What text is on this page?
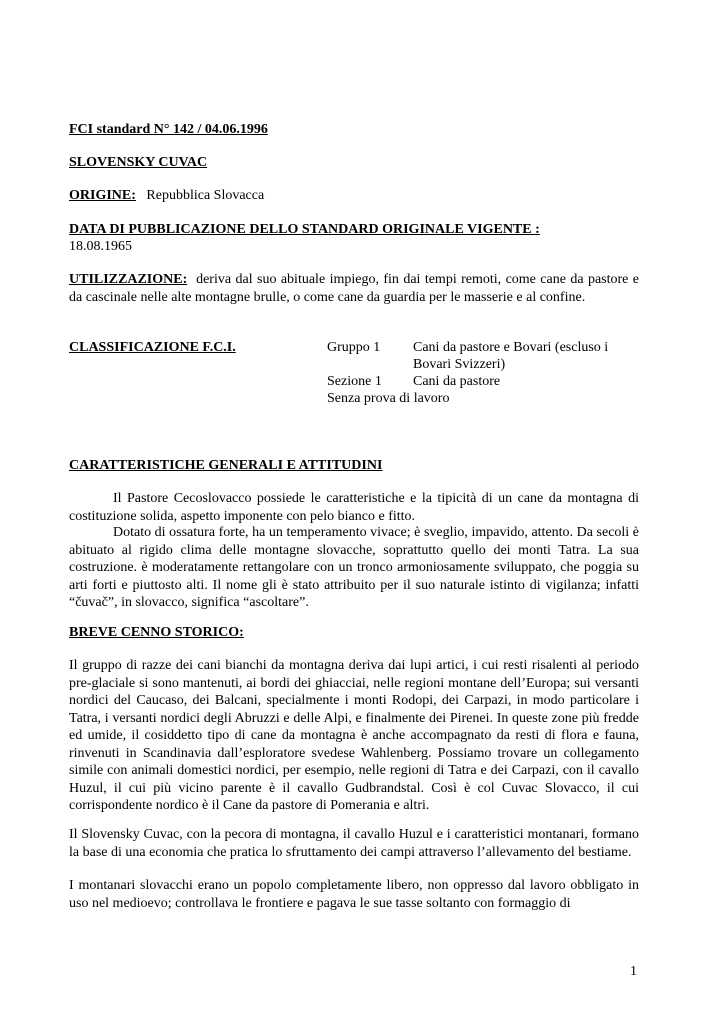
FCI standard N° 142 / 04.06.1996
SLOVENSKY CUVAC
ORIGINE: Repubblica Slovacca
DATA DI PUBBLICAZIONE DELLO STANDARD ORIGINALE VIGENTE :
18.08.1965
UTILIZZAZIONE: deriva dal suo abituale impiego, fin dai tempi remoti, come cane da pastore e da cascinale nelle alte montagne brulle, o come cane da guardia per le masserie e al confine.
CLASSIFICAZIONE F.C.I.	Gruppo 1	Cani da pastore e Bovari (escluso i Bovari Svizzeri)
Sezione 1	Cani da pastore
Senza prova di lavoro
CARATTERISTICHE GENERALI E ATTITUDINI
Il Pastore Cecoslovacco possiede le caratteristiche e la tipicità di un cane da montagna di costituzione solida, aspetto imponente con pelo bianco e fitto.
Dotato di ossatura forte, ha un temperamento vivace; è sveglio, impavido, attento. Da secoli è abituato al rigido clima delle montagne slovacche, soprattutto quello dei monti Tatra. La sua costruzione. è moderatamente rettangolare con un tronco armoniosamente sviluppato, che poggia su arti forti e piuttosto alti. Il nome gli è stato attribuito per il suo naturale istinto di vigilanza; infatti “čuvač”, in slovacco, significa “ascoltare”.
BREVE CENNO STORICO:
Il gruppo di razze dei cani bianchi da montagna deriva dai lupi artici, i cui resti risalenti al periodo pre-glaciale si sono mantenuti, ai bordi dei ghiacciai, nelle regioni montane dell’Europa; sui versanti nordici del Caucaso, dei Balcani, specialmente i monti Rodopi, dei Carpazi, in modo particolare i Tatra, i versanti nordici degli Abruzzi e delle Alpi, e finalmente dei Pirenei. In queste zone più fredde ed umide, il cosiddetto tipo di cane da montagna è anche accompagnato da resti di flora e fauna, rinvenuti in Scandinavia dall’esploratore svedese Wahlenberg. Possiamo trovare un collegamento simile con animali domestici nordici, per esempio, nelle regioni di Tatra e dei Carpazi, con il cavallo Huzul, il cui più vicino parente è il cavallo Gudbrandstal. Così è col Cuvac Slovacco, il cui corrispondente nordico è il Cane da pastore di Pomerania e altri.
Il Slovensky Cuvac, con la pecora di montagna, il cavallo Huzul e i caratteristici montanari, formano la base di una economia che pratica lo sfruttamento dei campi attraverso l’allevamento del bestiame.
I montanari slovacchi erano un popolo completamente libero, non oppresso dal lavoro obbligato in uso nel medioevo; controllava le frontiere e pagava le sue tasse soltanto con formaggio di
1
